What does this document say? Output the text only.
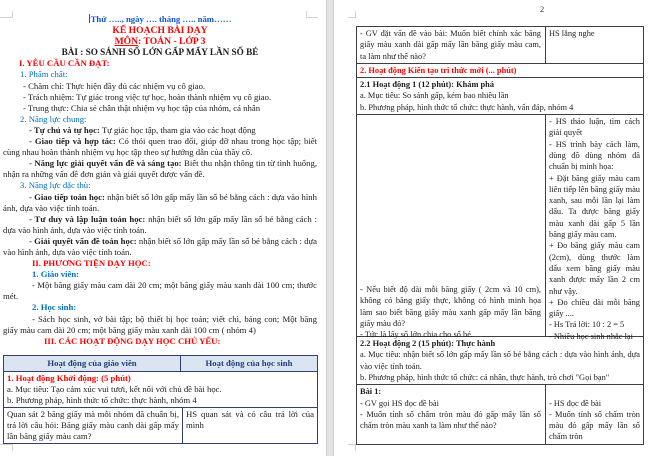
Thứ ….., ngày …. tháng ….. năm……

KẾ HOẠCH BÀI DẠY

MÔN: TOÁN - LỚP 3

BÀI : SO SÁNH SỐ LỚN GẤP MẤY LẦN SỐ BÉ

I. YÊU CẦU CẦN ĐẠT:

1. Phẩm chất:

- Chăm chỉ: Thực hiện đầy đủ các nhiệm vụ cô giao.

- Trách nhiệm: Tự giác trong việc tự học, hoàn thành nhiệm vụ cô giao.

- Trung thực: Chia sẻ chân thật nhiệm vụ học tập của nhóm, cá nhân

2. Năng lực chung:

- Tự chủ và tự học: Tự giác học tập, tham gia vào các hoạt động

- Giao tiếp và hợp tác: Có thói quen trao đổi, giúp đỡ nhau trong học tập; biết cùng nhau hoàn thành nhiệm vụ học tập theo sự hướng dẫn của thầy cô.

- Năng lực giải quyết vấn đề và sáng tạo: Biết thu nhận thông tin từ tình huống, nhận ra những vấn đề đơn giản và giải quyết được vấn đề.

3. Năng lực đặc thù:

- Giao tiếp toán học: nhận biết số lớn gấp mấy lần số bé bằng cách : dựa vào hình ảnh, dựa vào việc tính toán.

- Tư duy và lập luận toán học: nhận biết số lớn gấp mấy lần số bé bằng cách : dựa vào hình ảnh, dựa vào việc tính toán.

- Giải quyết vấn đề toán học: nhận biết số lớn gấp mấy lần số bé bằng cách : dựa vào hình ảnh, dựa vào việc tính toán.

II. PHƯƠNG TIỆN DẠY HỌC:

1. Giáo viên:

- Một băng giấy màu cam dài 20 cm; một băng giấy màu xanh dài 100 cm; thước mét.

2. Học sinh:

- Sách học sinh, vở bài tập; bộ thiết bị học toán; viết chì, bảng con; Một băng giấy màu cam dài 20 cm; một băng giấy màu xanh dài 100 cm ( nhóm 4)

III. CÁC HOẠT ĐỘNG DẠY HỌC CHỦ YẾU:

Hoạt động của giáo viên	Hoạt động của học sinh

1. Hoạt động Khởi động: (5 phút)

a. Mục tiêu: Tạo cảm xúc vui tươi, kết nối với chủ đề bài học.

b. Phương pháp, hình thức tổ chức: thực hành, nhóm 4

Quan sát 2 băng giấy mà mỗi nhóm đã chuẩn bị, trả lời câu hỏi: Băng giấy màu canh dài gấp mấy lần băng giấy màu cam?

HS quan sát và có câu trả lời của mình

2

- GV đặt vấn đề vào bài: Muốn biết chính xác băng giấy màu xanh dài gấp mấy lần băng giấy màu cam, ta làm như thế nào?

HS lắng nghe

2. Hoạt động Kiến tạo tri thức mới (... phút)

2.1 Hoạt động 1 (12 phút): Khám phá

a. Mục tiêu: So sánh gấp, kém bao nhiêu lần

b. Phương pháp, hình thức tổ chức: thực hành, vấn đáp, nhóm 4

- Nếu biết độ dài mỗi băng giấy ( 2cm và 10 cm), không có băng giấy thực, không có hình minh họa làm sao biết băng giấy màu xanh gấp mấy lần băng giấy màu đỏ?

- Tức là lấy số lớn chia cho số bé.

- HS thảo luận, tìm cách giải quyết

- HS trình bày cách làm, dùng đồ dùng nhóm đã chuẩn bị minh họa:

+ Đặt băng giấy màu cam liên tiếp lên băng giấy màu xanh, sau mỗi lần lại làm dấu. Ta được băng giấy màu xanh dài gấp 5 lần băng giấy màu cam.

+ Đo băng giấy màu cam (2cm), dùng thước làm dấu xem băng giấy màu xanh được mấy lần 2 cm như vậy.

+ Đo chiều dài mỗi băng giấy ....

- Hs Trả lời: 10 : 2 = 5

- Nhiều học sinh nhắc lại

2.2 Hoạt động 2 (15 phút): Thực hành

a. Mục tiêu: nhận biết số lớn gấp mấy lần số bé bằng cách : dựa vào hình ảnh, dựa vào việc tính toán.

b. Phương pháp, hình thức tổ chức: cá nhân, thực hành, trò chơi "Gọi bạn"

Bài 1:

- GV gọi HS đọc đề bài

- Muốn tính số chấm tròn màu đỏ gấp mấy lần số chấm tròn màu xanh ta làm như thế nào?

- HS đọc đề bài

- Muốn tính số chấm tròn màu đỏ gấp mấy lần số chấm tròn
